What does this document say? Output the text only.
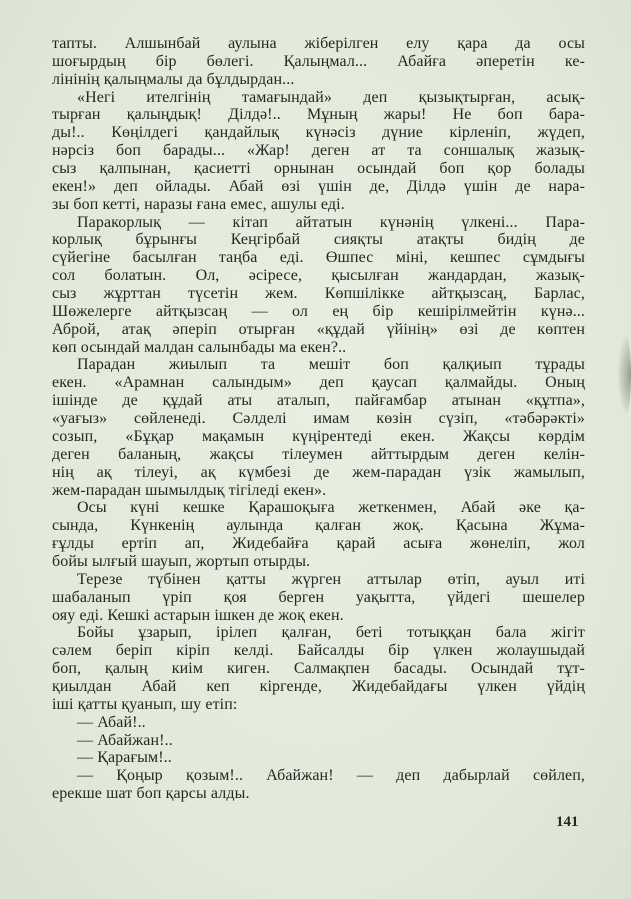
тапты. Алшынбай аулына жіберілген елу қара да осы
шоғырдың бір бөлегі. Қалыңмал... Абайға әперетін ке-
лінінің қалыңмалы да бұлдырдан...
«Негі ителгінің тамағындай» деп қызықтырған, асық-
тырған қалыңдық! Ділдә!.. Мұның жары! Не боп бара-
ды!.. Көңілдегі қандайлық күнәсіз дүние кірленіп, жүдеп,
нәрсіз боп барады... «Жар! деген ат та соншалық жазық-
сыз қалпынан, қасиетті орнынан осындай боп қор болады
екен!» деп ойлады. Абай өзі үшін де, Ділдә үшін де нара-
зы боп кетті, наразы ғана емес, ашулы еді.
Паракорлық — кітап айтатын күнәнің үлкені... Пара-
корлық бұрынғы Кеңгірбай сияқты атақты бидің де
сүйегіне басылған таңба еді. Өшпес міні, кешпес сұмдығы
сол болатын. Ол, әсіресе, қысылған жандардан, жазық-
сыз жұрттан түсетін жем. Көпшілікке айтқызсаң, Барлас,
Шөжелерге айтқызсаң — ол ең бір кешірілмейтін күнә...
Аброй, атақ әперіп отырған «құдай үйінің» өзі де көптен
көп осындай малдан салынбады ма екен?..
Парадан жиылып та мешіт боп қалқиып тұрады
екен. «Арамнан салындым» деп қаусап қалмайды. Оның
ішінде де құдай аты аталып, пайғамбар атынан «құтпа»,
«уағыз» сөйленеді. Сәлделі имам көзін сүзіп, «тәбәрәкті»
созып, «Бұқар мақамын күңірентеді екен. Жақсы көрдім
деген баланың, жақсы тілеумен айттырдым деген келін-
нің ақ тілеуі, ақ күмбезі де жем-парадан үзік жамылып,
жем-парадан шымылдық тігіледі екен».
Осы күні кешке Қарашоқыға жеткенмен, Абай әке қа-
сында, Күнкенің аулында қалған жоқ. Қасына Жұма-
ғұлды ертіп ап, Жидебайға қарай асыға жөнеліп, жол
бойы ылғый шауып, жортып отырды.
Терезе түбінен қатты жүрген аттылар өтіп, ауыл иті
шабаланып үріп қоя берген уақытта, үйдегі шешелер
ояу еді. Кешкі астарын ішкен де жоқ екен.
Бойы ұзарып, ірілеп қалған, беті тотыққан бала жігіт
сәлем беріп кіріп келді. Байсалды бір үлкен жолаушыдай
боп, қалың киім киген. Салмақпен басады. Осындай тұт-
қиылдан Абай кеп кіргенде, Жидебайдағы үлкен үйдің
іші қатты қуанып, шу етіп:
— Абай!..
— Абайжан!..
— Қарағым!..
— Қоңыр қозым!.. Абайжан! — деп дабырлай сөйлеп,
ерекше шат боп қарсы алды.
141
